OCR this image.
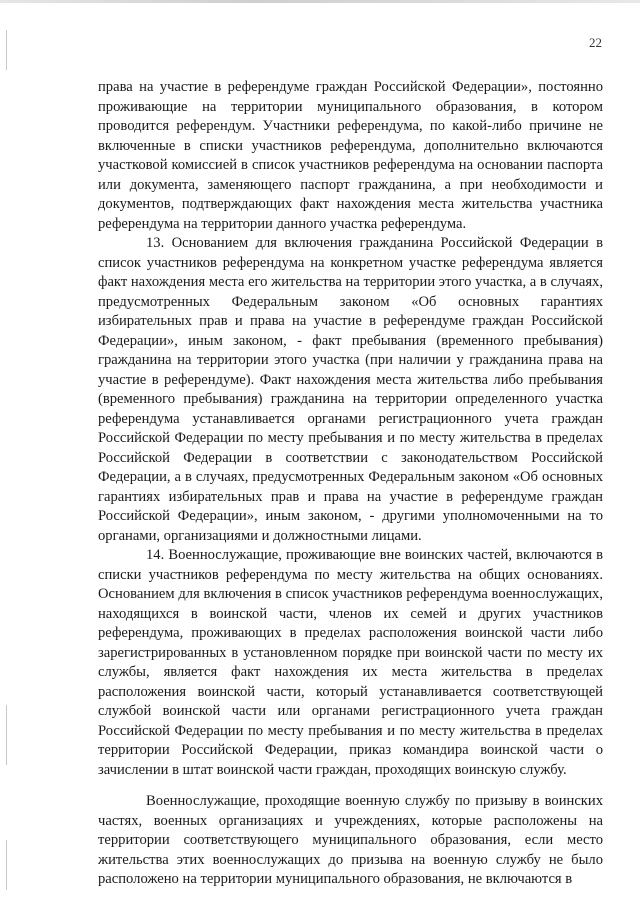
22

права на участие в референдуме граждан Российской Федерации», постоянно проживающие на территории муниципального образования, в котором проводится референдум. Участники референдума, по какой-либо причине не включенные в списки участников референдума, дополнительно включаются участковой комиссией в список участников референдума на основании паспорта или документа, заменяющего паспорт гражданина, а при необходимости и документов, подтверждающих факт нахождения места жительства участника референдума на территории данного участка референдума.

13. Основанием для включения гражданина Российской Федерации в список участников референдума на конкретном участке референдума является факт нахождения места его жительства на территории этого участка, а в случаях, предусмотренных Федеральным законом «Об основных гарантиях избирательных прав и права на участие в референдуме граждан Российской Федерации», иным законом, - факт пребывания (временного пребывания) гражданина на территории этого участка (при наличии у гражданина права на участие в референдуме). Факт нахождения места жительства либо пребывания (временного пребывания) гражданина на территории определенного участка референдума устанавливается органами регистрационного учета граждан Российской Федерации по месту пребывания и по месту жительства в пределах Российской Федерации в соответствии с законодательством Российской Федерации, а в случаях, предусмотренных Федеральным законом «Об основных гарантиях избирательных прав и права на участие в референдуме граждан Российской Федерации», иным законом, - другими уполномоченными на то органами, организациями и должностными лицами.

14. Военнослужащие, проживающие вне воинских частей, включаются в списки участников референдума по месту жительства на общих основаниях. Основанием для включения в список участников референдума военнослужащих, находящихся в воинской части, членов их семей и других участников референдума, проживающих в пределах расположения воинской части либо зарегистрированных в установленном порядке при воинской части по месту их службы, является факт нахождения их места жительства в пределах расположения воинской части, который устанавливается соответствующей службой воинской части или органами регистрационного учета граждан Российской Федерации по месту пребывания и по месту жительства в пределах территории Российской Федерации, приказ командира воинской части о зачислении в штат воинской части граждан, проходящих воинскую службу.

Военнослужащие, проходящие военную службу по призыву в воинских частях, военных организациях и учреждениях, которые расположены на территории соответствующего муниципального образования, если место жительства этих военнослужащих до призыва на военную службу не было расположено на территории муниципального образования, не включаются в
